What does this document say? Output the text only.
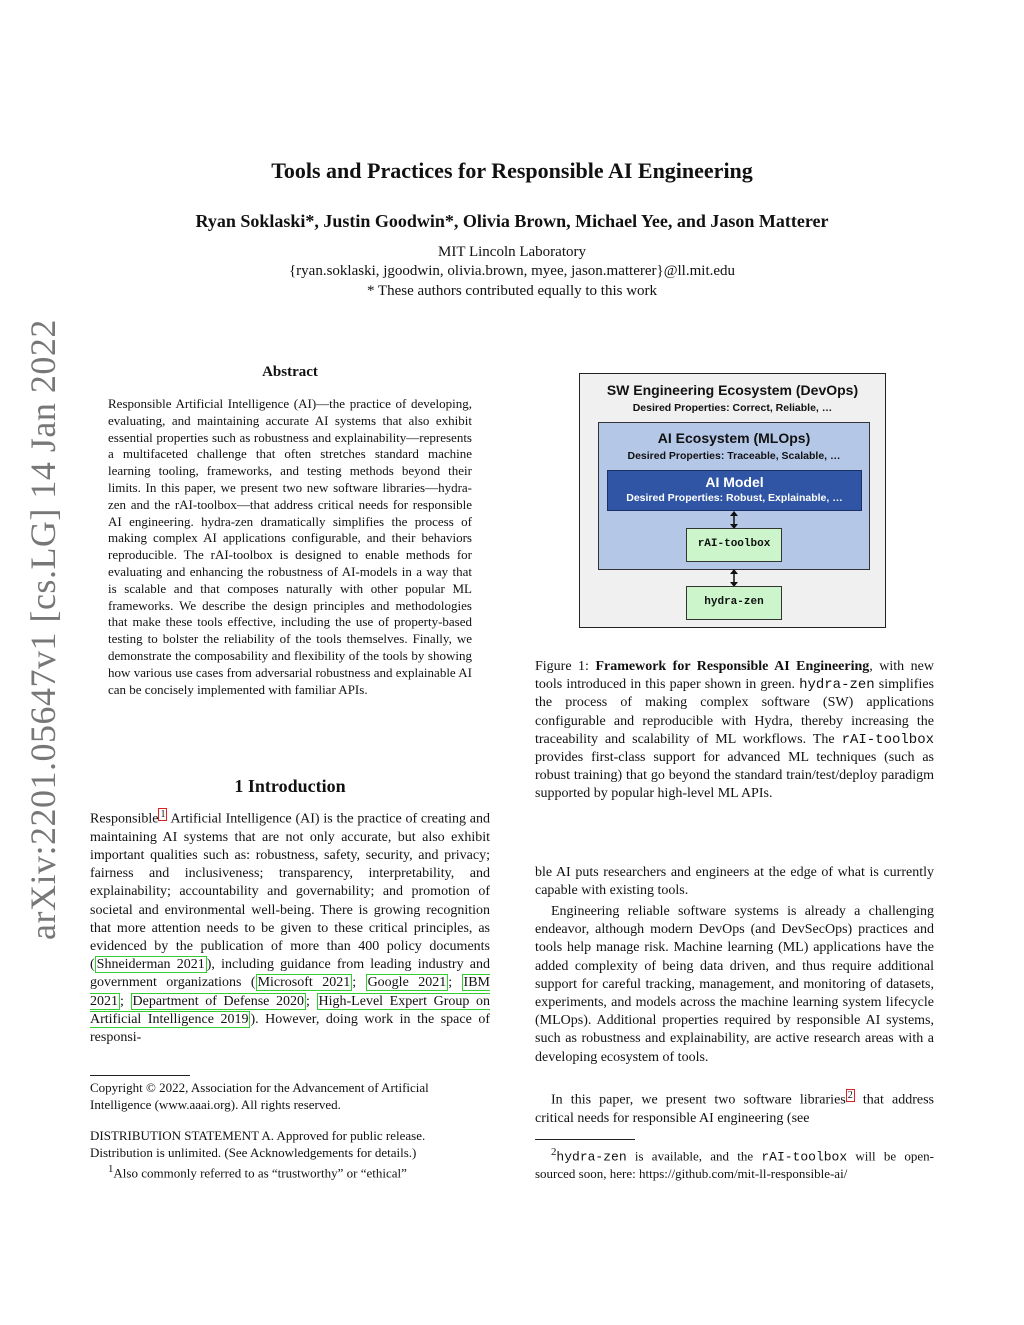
arXiv:2201.05647v1 [cs.LG] 14 Jan 2022
Tools and Practices for Responsible AI Engineering
Ryan Soklaski*, Justin Goodwin*, Olivia Brown, Michael Yee, and Jason Matterer
MIT Lincoln Laboratory
{ryan.soklaski, jgoodwin, olivia.brown, myee, jason.matterer}@ll.mit.edu
* These authors contributed equally to this work
Abstract
Responsible Artificial Intelligence (AI)—the practice of developing, evaluating, and maintaining accurate AI systems that also exhibit essential properties such as robustness and explainability—represents a multifaceted challenge that often stretches standard machine learning tooling, frameworks, and testing methods beyond their limits. In this paper, we present two new software libraries—hydra-zen and the rAI-toolbox—that address critical needs for responsible AI engineering. hydra-zen dramatically simplifies the process of making complex AI applications configurable, and their behaviors reproducible. The rAI-toolbox is designed to enable methods for evaluating and enhancing the robustness of AI-models in a way that is scalable and that composes naturally with other popular ML frameworks. We describe the design principles and methodologies that make these tools effective, including the use of property-based testing to bolster the reliability of the tools themselves. Finally, we demonstrate the composability and flexibility of the tools by showing how various use cases from adversarial robustness and explainable AI can be concisely implemented with familiar APIs.
1 Introduction
Responsible $^1$ Artificial Intelligence (AI) is the practice of creating and maintaining AI systems that are not only accurate, but also exhibit important qualities such as: robustness, safety, security, and privacy; fairness and inclusiveness; transparency, interpretability, and explainability; accountability and governability; and promotion of societal and environmental well-being. There is growing recognition that more attention needs to be given to these critical principles, as evidenced by the publication of more than 400 policy documents ( Shneiderman 2021 ), including guidance from leading industry and government organizations ( Microsoft 2021 ; Google 2021 ; IBM 2021 ; Department of Defense 2020 ; High-Level Expert Group on Artificial Intelligence 2019 ). However, doing work in the space of responsi-
Copyright © 2022, Association for the Advancement of Artificial Intelligence (www.aaai.org). All rights reserved.
DISTRIBUTION STATEMENT A. Approved for public release. Distribution is unlimited. (See Acknowledgements for details.)
$^1$Also commonly referred to as “trustworthy” or “ethical”
SW Engineering Ecosystem (DevOps)
Desired Properties: Correct, Reliable, …
AI Ecosystem (MLOps)
Desired Properties: Traceable, Scalable, …
AI Model
Desired Properties: Robust, Explainable, …
rAI-toolbox
hydra-zen
Figure 1: Framework for Responsible AI Engineering, with new tools introduced in this paper shown in green. hydra-zen simplifies the process of making complex software (SW) applications configurable and reproducible with Hydra, thereby increasing the traceability and scalability of ML workflows. The rAI-toolbox provides first-class support for advanced ML techniques (such as robust training) that go beyond the standard train/test/deploy paradigm supported by popular high-level ML APIs.
ble AI puts researchers and engineers at the edge of what is currently capable with existing tools.
Engineering reliable software systems is already a challenging endeavor, although modern DevOps (and DevSecOps) practices and tools help manage risk. Machine learning (ML) applications have the added complexity of being data driven, and thus require additional support for careful tracking, management, and monitoring of datasets, experiments, and models across the machine learning system lifecycle (MLOps). Additional properties required by responsible AI systems, such as robustness and explainability, are active research areas with a developing ecosystem of tools.
In this paper, we present two software libraries $^2$ that address critical needs for responsible AI engineering (see
$^2$hydra-zen is available, and the rAI-toolbox will be open-sourced soon, here: https://github.com/mit-ll-responsible-ai/
